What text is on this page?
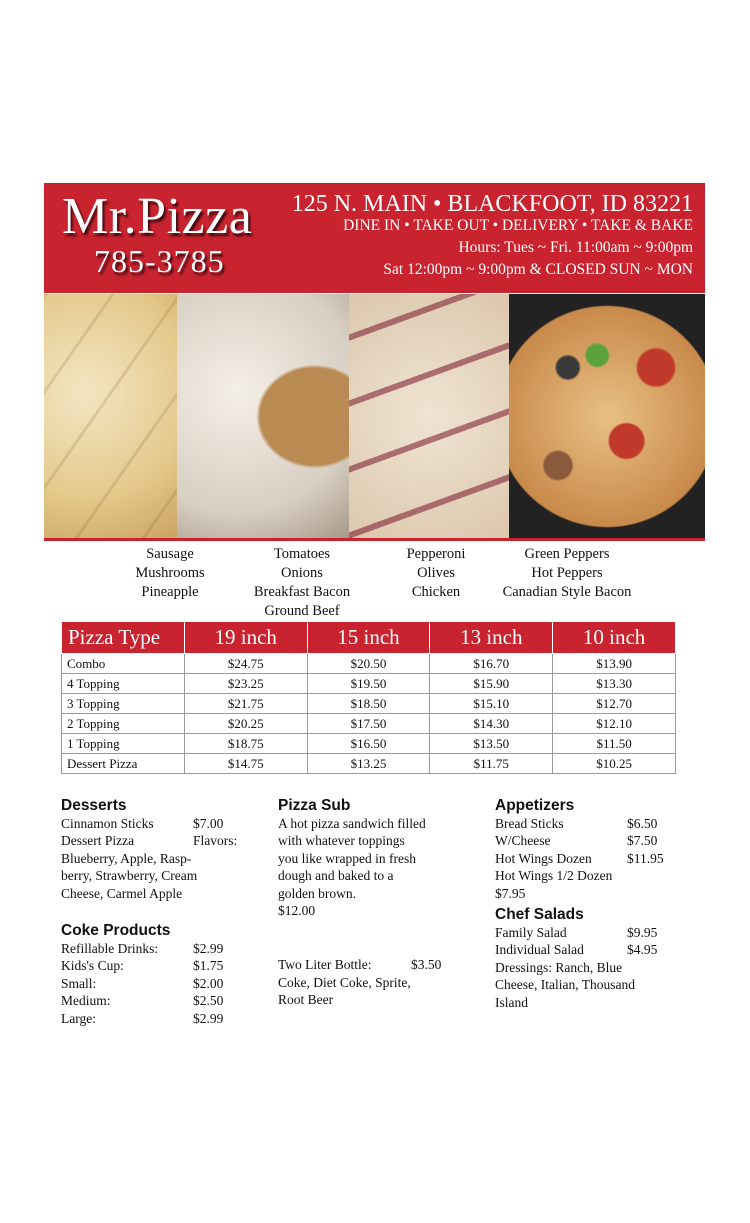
Mr.Pizza
785-3785
125 N. MAIN • BLACKFOOT, ID 83221
DINE IN • TAKE OUT • DELIVERY • TAKE & BAKE
Hours: Tues ~ Fri. 11:00am ~ 9:00pm
Sat 12:00pm ~ 9:00pm & CLOSED SUN ~ MON
Sausage
Mushrooms
Pineapple
Tomatoes
Onions
Breakfast Bacon
Ground Beef
Pepperoni
Olives
Chicken
Green Peppers
Hot Peppers
Canadian Style Bacon
Pizza Type	19 inch	15 inch	13 inch	10 inch
Combo	$24.75	$20.50	$16.70	$13.90
4 Topping	$23.25	$19.50	$15.90	$13.30
3 Topping	$21.75	$18.50	$15.10	$12.70
2 Topping	$20.25	$17.50	$14.30	$12.10
1 Topping	$18.75	$16.50	$13.50	$11.50
Dessert Pizza	$14.75	$13.25	$11.75	$10.25
Desserts
Cinnamon Sticks	$7.00
Dessert Pizza	Flavors:
Blueberry, Apple, Rasp-
berry, Strawberry, Cream
Cheese, Carmel Apple
Coke Products
Refillable Drinks:	$2.99
Kids's Cup:	$1.75
Small:	$2.00
Medium:	$2.50
Large:	$2.99
Pizza Sub
A hot pizza sandwich filled
with whatever toppings
you like wrapped in fresh
dough and baked to a
golden brown.
$12.00
Two Liter Bottle:	$3.50
Coke, Diet Coke, Sprite,
Root Beer
Appetizers
Bread Sticks	$6.50
W/Cheese	$7.50
Hot Wings Dozen	$11.95
Hot Wings 1/2 Dozen
$7.95
Chef Salads
Family Salad	$9.95
Individual Salad	$4.95
Dressings: Ranch, Blue
Cheese, Italian, Thousand
Island
